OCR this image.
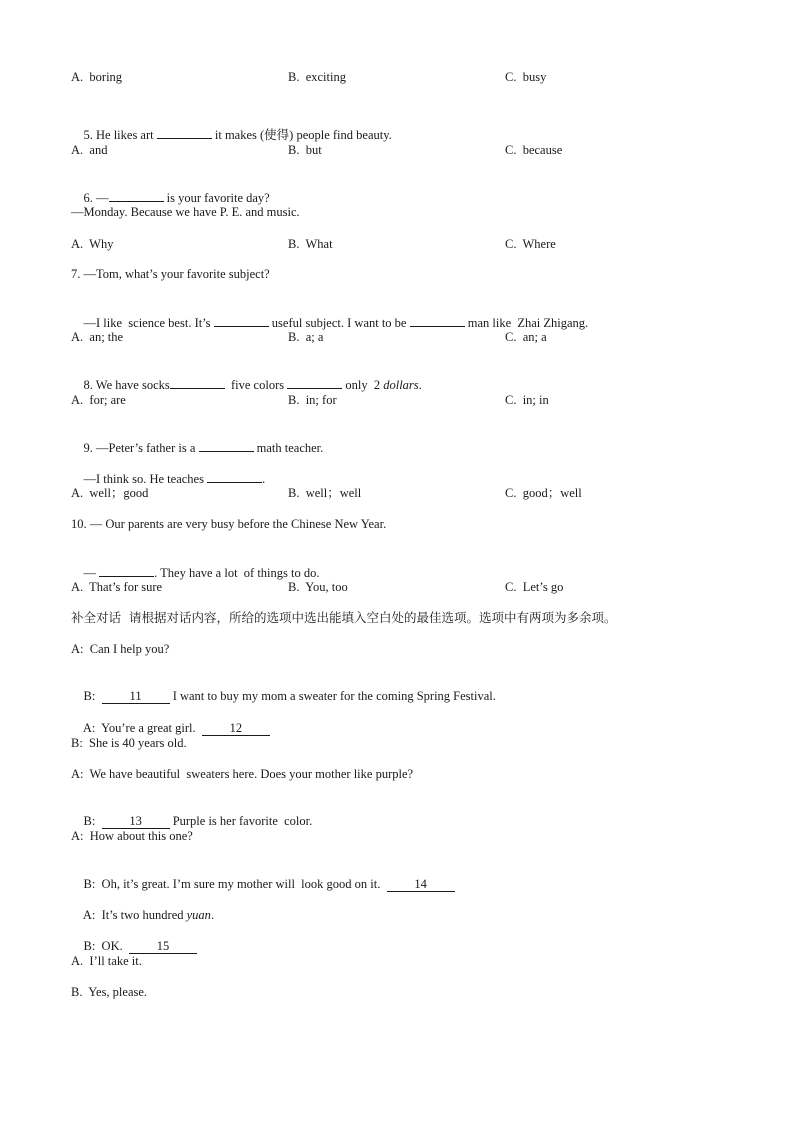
A.  boring	B.  exciting	C.  busy

5. He likes art	it makes (使得) people find beauty.

A.  and	B.  but	C.  because

6. —	is your favorite day?

—Monday. Because we have P. E. and music.
A.  Why	B.  What	C.  Where
7. —Tom, what’s your favorite subject?

—I like  science best. It’s	useful subject. I want to be	man like  Zhai Zhigang.

A.  an; the	B.  a; a	C.  an; a

8. We have socks	five colors	only  2 dollars.

A.  for; are	B.  in; for	C.  in; in

9. —Peter’s father is a	math teacher.

—I think so. He teaches	.

A.  well；good	B.  well；well	C.  good；well
10. — Our parents are very busy before the Chinese New Year.

—	. They have a lot  of things to do.

A.  That’s for sure	B.  You, too	C.  Let’s go
补全对话  请根据对话内容，所给的选项中选出能填入空白处的最佳选项。选项中有两项为多余项。
A:  Can I help you?

B:  11 I want to buy my mom a sweater for the coming Spring Festival.

A:  You’re a great girl.  12

B:  She is 40 years old.
A:  We have beautiful  sweaters here. Does your mother like purple?

B:  13 Purple is her favorite  color.

A:  How about this one?

B:  Oh, it’s great. I’m sure my mother will  look good on it.  14

A:  It’s two hundred yuan.

B:  OK.  15

A.  I’ll take it.
B.  Yes, please.
